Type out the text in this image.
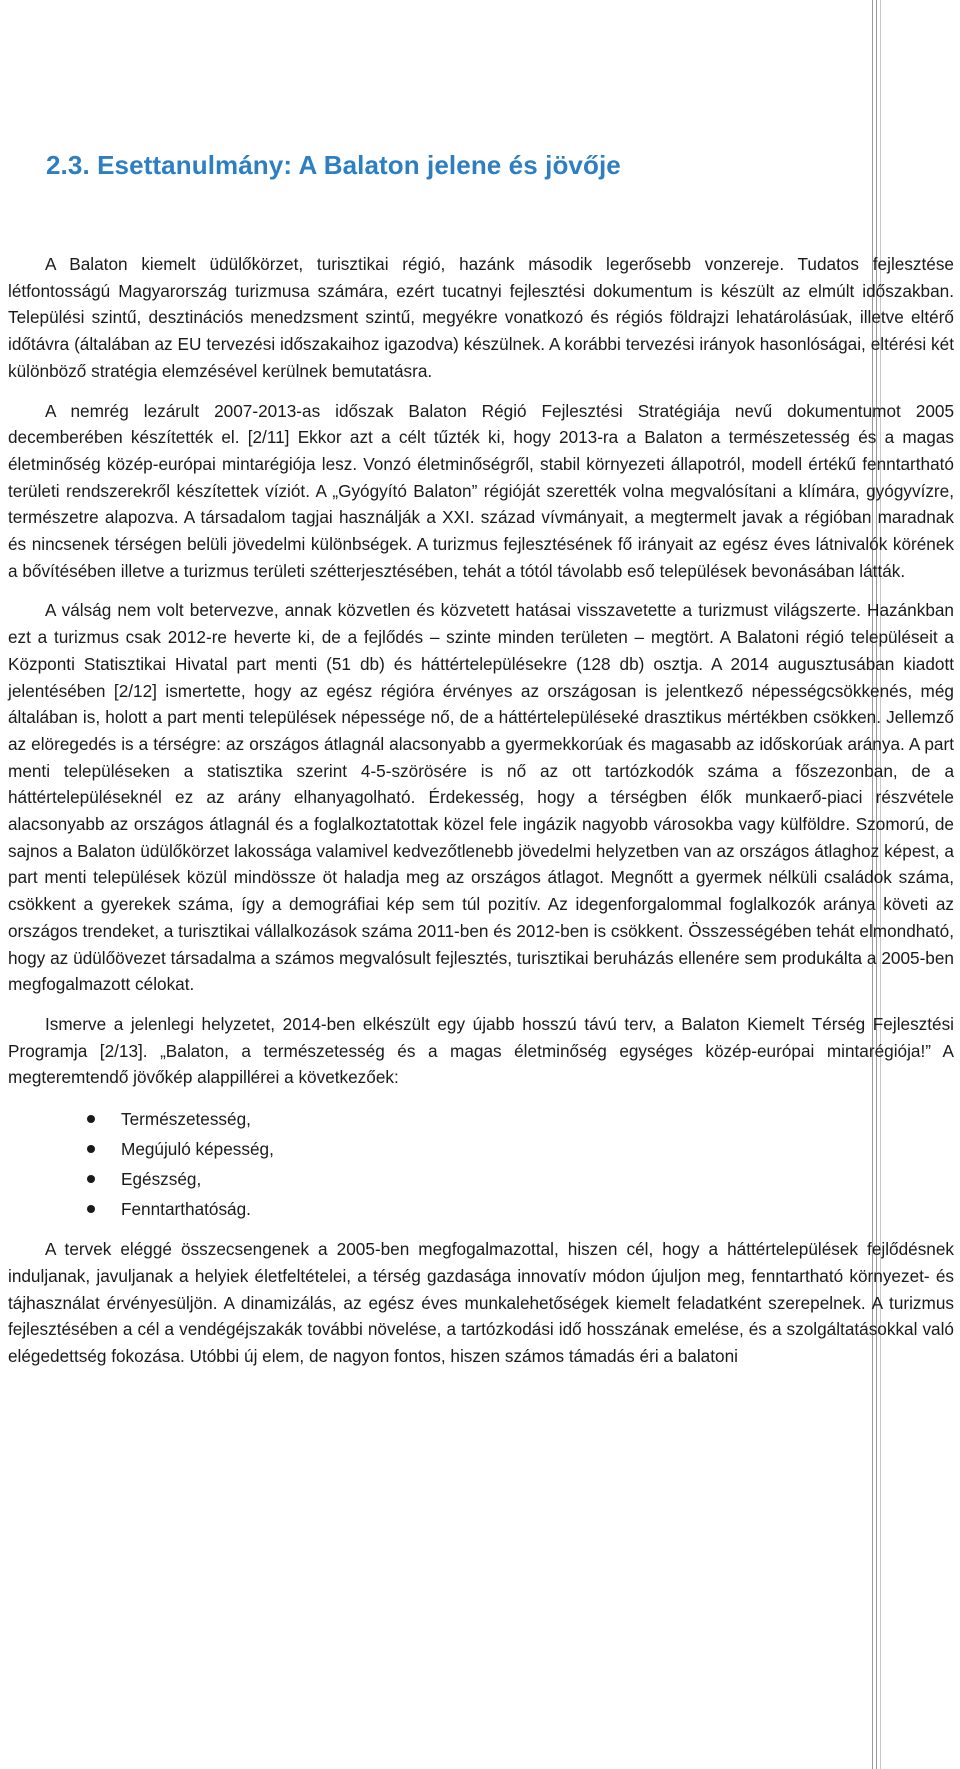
2.3. Esettanulmány: A Balaton jelene és jövője

A Balaton kiemelt üdülőkörzet, turisztikai régió, hazánk második legerősebb vonzereje. Tudatos fejlesztése létfontosságú Magyarország turizmusa számára, ezért tucatnyi fejlesztési dokumentum is készült az elmúlt időszakban. Települési szintű, desztinációs menedzsment szintű, megyékre vonatkozó és régiós földrajzi lehatárolásúak, illetve eltérő időtávra (általában az EU tervezési időszakaihoz igazodva) készülnek. A korábbi tervezési irányok hasonlóságai, eltérési két különböző stratégia elemzésével kerülnek bemutatásra.

A nemrég lezárult 2007-2013-as időszak Balaton Régió Fejlesztési Stratégiája nevű dokumentumot 2005 decemberében készítették el. [2/11] Ekkor azt a célt tűzték ki, hogy 2013-ra a Balaton a természetesség és a magas életminőség közép-európai mintarégiója lesz. Vonzó életminőségről, stabil környezeti állapotról, modell értékű fenntartható területi rendszerekről készítettek víziót. A „Gyógyító Balaton” régióját szerették volna megvalósítani a klímára, gyógyvízre, természetre alapozva. A társadalom tagjai használják a XXI. század vívmányait, a megtermelt javak a régióban maradnak és nincsenek térségen belüli jövedelmi különbségek. A turizmus fejlesztésének fő irányait az egész éves látnivalók körének a bővítésében illetve a turizmus területi szétterjesztésében, tehát a tótól távolabb eső települések bevonásában látták.

A válság nem volt betervezve, annak közvetlen és közvetett hatásai visszavetette a turizmust világszerte. Hazánkban ezt a turizmus csak 2012-re heverte ki, de a fejlődés – szinte minden területen – megtört. A Balatoni régió településeit a Központi Statisztikai Hivatal part menti (51 db) és háttértelepülésekre (128 db) osztja. A 2014 augusztusában kiadott jelentésében [2/12] ismertette, hogy az egész régióra érvényes az országosan is jelentkező népességcsökkenés, még általában is, holott a part menti települések népessége nő, de a háttértelepüléseké drasztikus mértékben csökken. Jellemző az elöregedés is a térségre: az országos átlagnál alacsonyabb a gyermekkorúak és magasabb az időskorúak aránya. A part menti településeken a statisztika szerint 4-5-szörösére is nő az ott tartózkodók száma a főszezonban, de a háttértelepüléseknél ez az arány elhanyagolható. Érdekesség, hogy a térségben élők munkaerő-piaci részvétele alacsonyabb az országos átlagnál és a foglalkoztatottak közel fele ingázik nagyobb városokba vagy külföldre. Szomorú, de sajnos a Balaton üdülőkörzet lakossága valamivel kedvezőtlenebb jövedelmi helyzetben van az országos átlaghoz képest, a part menti települések közül mindössze öt haladja meg az országos átlagot. Megnőtt a gyermek nélküli családok száma, csökkent a gyerekek száma, így a demográfiai kép sem túl pozitív. Az idegenforgalommal foglalkozók aránya követi az országos trendeket, a turisztikai vállalkozások száma 2011-ben és 2012-ben is csökkent. Összességében tehát elmondható, hogy az üdülőövezet társadalma a számos megvalósult fejlesztés, turisztikai beruházás ellenére sem produkálta a 2005-ben megfogalmazott célokat.

Ismerve a jelenlegi helyzetet, 2014-ben elkészült egy újabb hosszú távú terv, a Balaton Kiemelt Térség Fejlesztési Programja [2/13]. „Balaton, a természetesség és a magas életminőség egységes közép-európai mintarégiója!” A megteremtendő jövőkép alappillérei a következőek:

Természetesség,
Megújuló képesség,
Egészség,
Fenntarthatóság.

A tervek eléggé összecsengenek a 2005-ben megfogalmazottal, hiszen cél, hogy a háttértelepülések fejlődésnek induljanak, javuljanak a helyiek életfeltételei, a térség gazdasága innovatív módon újuljon meg, fenntartható környezet- és tájhasználat érvényesüljön. A dinamizálás, az egész éves munkalehetőségek kiemelt feladatként szerepelnek. A turizmus fejlesztésében a cél a vendégéjszakák további növelése, a tartózkodási idő hosszának emelése, és a szolgáltatásokkal való elégedettség fokozása. Utóbbi új elem, de nagyon fontos, hiszen számos támadás éri a balatoni
